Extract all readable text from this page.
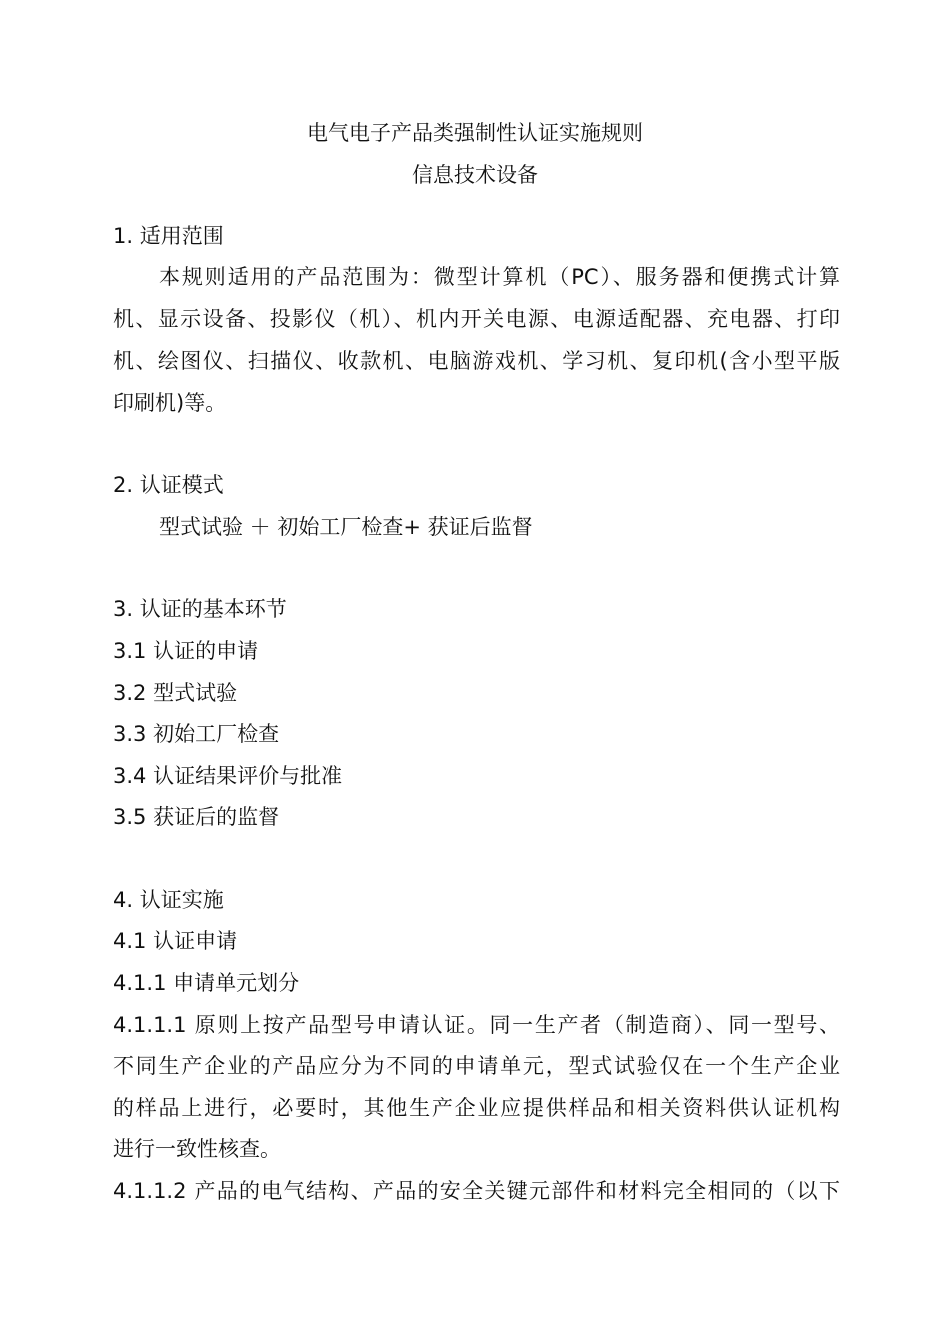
电气电子产品类强制性认证实施规则
信息技术设备
1. 适用范围
本规则适用的产品范围为：微型计算机（PC）、服务器和便携式计算
机、显示设备、投影仪（机）、机内开关电源、电源适配器、充电器、打印
机、绘图仪、扫描仪、收款机、电脑游戏机、学习机、复印机(含小型平版
印刷机)等。
2. 认证模式
型式试验 ＋ 初始工厂检查+ 获证后监督
3. 认证的基本环节
3.1 认证的申请
3.2 型式试验
3.3 初始工厂检查
3.4 认证结果评价与批准
3.5 获证后的监督
4. 认证实施
4.1 认证申请
4.1.1 申请单元划分
4.1.1.1 原则上按产品型号申请认证。同一生产者（制造商）、同一型号、
不同生产企业的产品应分为不同的申请单元，型式试验仅在一个生产企业
的样品上进行，必要时，其他生产企业应提供样品和相关资料供认证机构
进行一致性核查。
4.1.1.2 产品的电气结构、产品的安全关键元部件和材料完全相同的（以下
